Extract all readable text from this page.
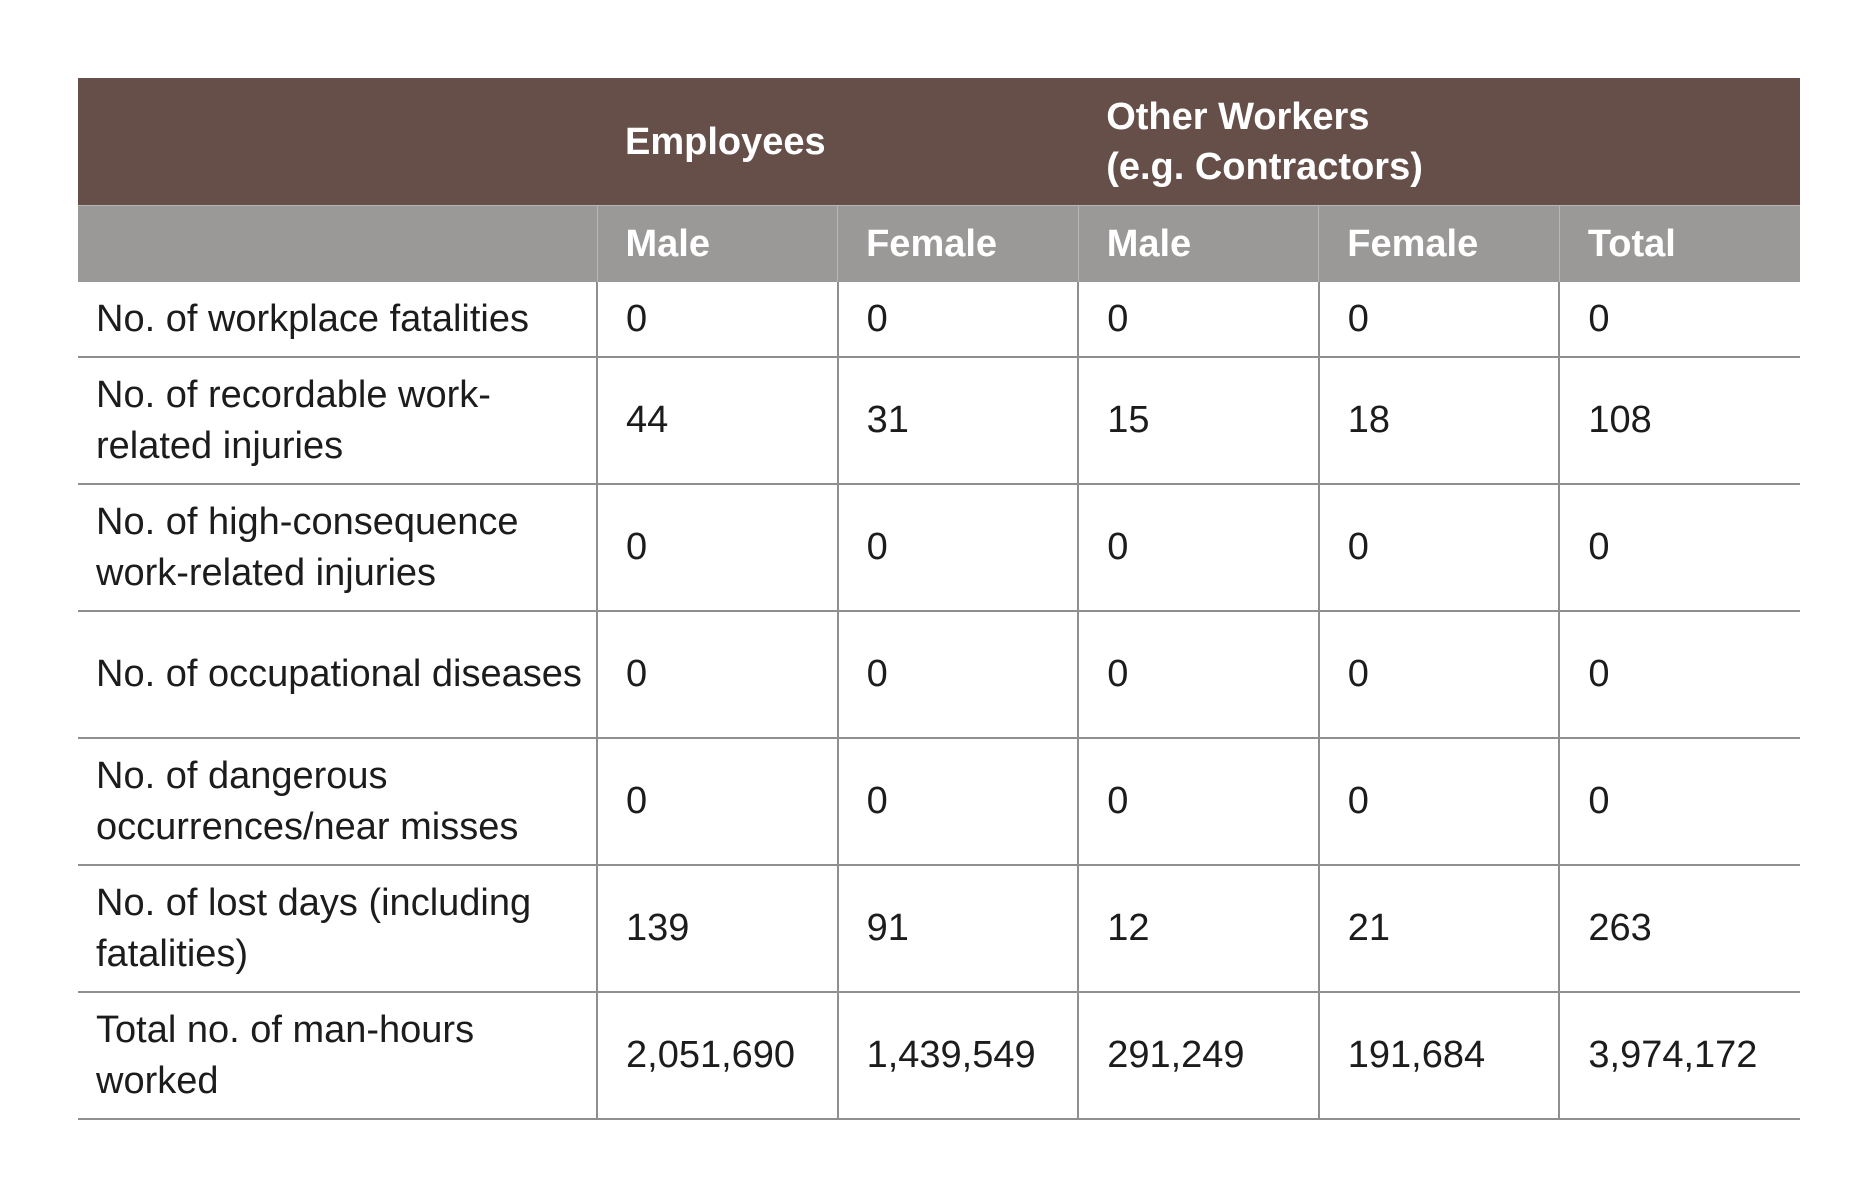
	Employees		Other Workers
(e.g. Contractors)		

	Male	Female	Male	Female	Total
No. of workplace fatalities	0	0	0	0	0
No. of recordable work-related injuries	44	31	15	18	108
No. of high-consequence work-related injuries	0	0	0	0	0
No. of occupational diseases	0	0	0	0	0
No. of dangerous occurrences/near misses	0	0	0	0	0
No. of lost days (including fatalities)	139	91	12	21	263
Total no. of man-hours worked	2,051,690	1,439,549	291,249	191,684	3,974,172
